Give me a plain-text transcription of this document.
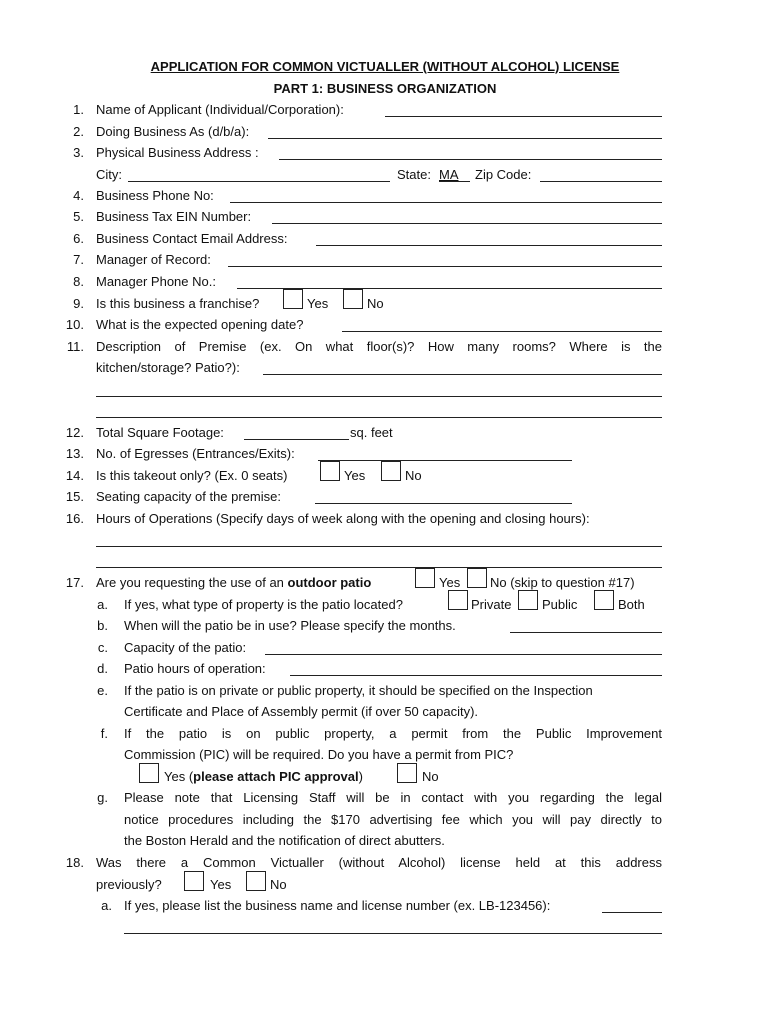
APPLICATION FOR COMMON VICTUALLER (WITHOUT ALCOHOL) LICENSE
PART 1: BUSINESS ORGANIZATION
1. Name of Applicant (Individual/Corporation):
2. Doing Business As (d/b/a):
3. Physical Business Address :
City:	State: MA Zip Code:
4. Business Phone No:
5. Business Tax EIN Number:
6. Business Contact Email Address:
7. Manager of Record:
8. Manager Phone No.:
9. Is this business a franchise?	Yes	No
10. What is the expected opening date?
11. Description of Premise (ex. On what floor(s)? How many rooms? Where is the
kitchen/storage? Patio?):
12. Total Square Footage:	sq. feet
13. No. of Egresses (Entrances/Exits):
14. Is this takeout only? (Ex. 0 seats)	Yes	No
15. Seating capacity of the premise:
16. Hours of Operations (Specify days of week along with the opening and closing hours):
17. Are you requesting the use of an outdoor patio	Yes No (skip to question #17)
a. If yes, what type of property is the patio located?	Private Public	Both
b. When will the patio be in use? Please specify the months.
c. Capacity of the patio:
d. Patio hours of operation:
e. If the patio is on private or public property, it should be specified on the Inspection
Certificate and Place of Assembly permit (if over 50 capacity).
f. If the patio is on public property, a permit from the Public Improvement
Commission (PIC) will be required. Do you have a permit from PIC?
Yes (please attach PIC approval)	No
g. Please note that Licensing Staff will be in contact with you regarding the legal
notice procedures including the $170 advertising fee which you will pay directly to
the Boston Herald and the notification of direct abutters.
18. Was there a Common Victualler (without Alcohol) license held at this address
previously?	Yes	No
a. If yes, please list the business name and license number (ex. LB-123456):
